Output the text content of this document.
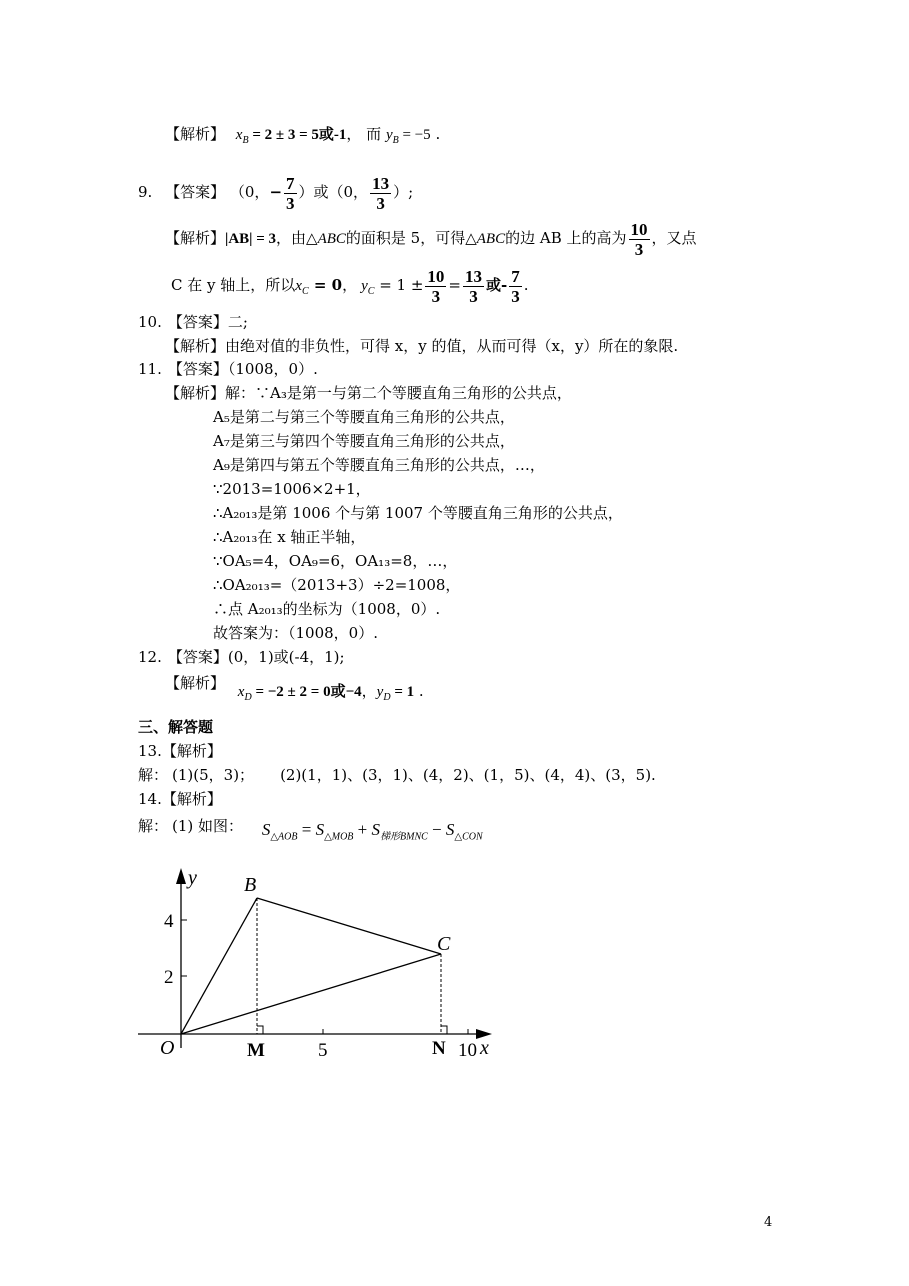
【解析】 $x_B = 2 \pm 3 = 5$或-1， 而 $y_B = -5$ .
9. 【答案】 （0，− $\frac{7}{3}$ ）或（0， $\frac{13}{3}$ ）;
【解析】|AB| = 3，由△ABC的面积是 5，可得△ABC的边 AB 上的高为 $\frac{10}{3}$ ，又点
C 在 y 轴上，所以$x_C = 0$， $y_C = 1 \pm \frac{10}{3} = \frac{13}{3}$ 或- $\frac{7}{3}$ .
10. 【答案】二;
【解析】由绝对值的非负性，可得 x，y 的值，从而可得（x，y）所在的象限.
11. 【答案】（1008，0）.
【解析】解：∵A₃是第一与第二个等腰直角三角形的公共点，
A₅是第二与第三个等腰直角三角形的公共点，
A₇是第三与第四个等腰直角三角形的公共点，
A₉是第四与第五个等腰直角三角形的公共点，…，
∵2013=1006×2+1，
∴A₂₀₁₃是第 1006 个与第 1007 个等腰直角三角形的公共点，
∴A₂₀₁₃在 x 轴正半轴，
∵OA₅=4，OA₉=6，OA₁₃=8，…，
∴OA₂₀₁₃=（2013+3）÷2=1008，
∴点 A₂₀₁₃的坐标为（1008，0）.
故答案为：（1008，0）.
12. 【答案】(0，1)或(-4，1);
【解析】 $x_D = -2 \pm 2 = 0$或−4，$y_D = 1$ .
三、解答题
13.【解析】
解： (1)(5，3)； (2)(1，1)、(3，1)、(4，2)、(1，5)、(4，4)、(3，5).
14.【解析】
解： (1) 如图： $S_{\triangle AOB} = S_{\triangle MOB} + S_{梯形BMNC} - S_{\triangle CON}$
y
x
O
B
C
M	N
4
2
5	10
4
